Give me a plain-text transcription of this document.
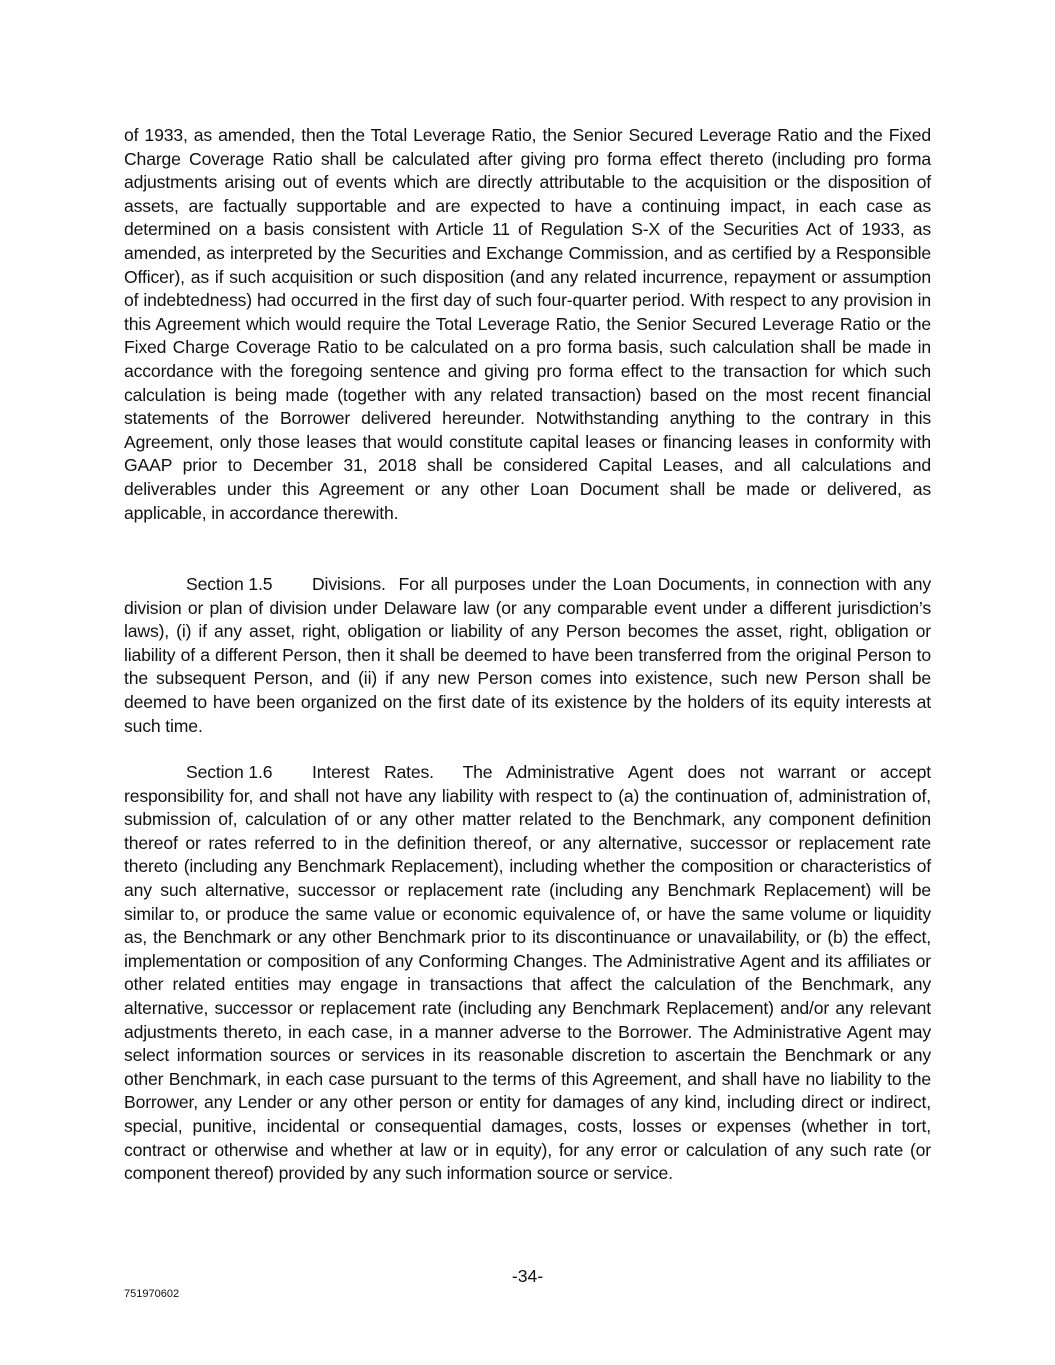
of 1933, as amended, then the Total Leverage Ratio, the Senior Secured Leverage Ratio and the Fixed Charge Coverage Ratio shall be calculated after giving pro forma effect thereto (including pro forma adjustments arising out of events which are directly attributable to the acquisition or the disposition of assets, are factually supportable and are expected to have a continuing impact, in each case as determined on a basis consistent with Article 11 of Regulation S-X of the Securities Act of 1933, as amended, as interpreted by the Securities and Exchange Commission, and as certified by a Responsible Officer), as if such acquisition or such disposition (and any related incurrence, repayment or assumption of indebtedness) had occurred in the first day of such four-quarter period. With respect to any provision in this Agreement which would require the Total Leverage Ratio, the Senior Secured Leverage Ratio or the Fixed Charge Coverage Ratio to be calculated on a pro forma basis, such calculation shall be made in accordance with the foregoing sentence and giving pro forma effect to the transaction for which such calculation is being made (together with any related transaction) based on the most recent financial statements of the Borrower delivered hereunder. Notwithstanding anything to the contrary in this Agreement, only those leases that would constitute capital leases or financing leases in conformity with GAAP prior to December 31, 2018 shall be considered Capital Leases, and all calculations and deliverables under this Agreement or any other Loan Document shall be made or delivered, as applicable, in accordance therewith.

Section 1.5 Divisions. For all purposes under the Loan Documents, in connection with any division or plan of division under Delaware law (or any comparable event under a different jurisdiction’s laws), (i) if any asset, right, obligation or liability of any Person becomes the asset, right, obligation or liability of a different Person, then it shall be deemed to have been transferred from the original Person to the subsequent Person, and (ii) if any new Person comes into existence, such new Person shall be deemed to have been organized on the first date of its existence by the holders of its equity interests at such time.

Section 1.6 Interest Rates. The Administrative Agent does not warrant or accept responsibility for, and shall not have any liability with respect to (a) the continuation of, administration of, submission of, calculation of or any other matter related to the Benchmark, any component definition thereof or rates referred to in the definition thereof, or any alternative, successor or replacement rate thereto (including any Benchmark Replacement), including whether the composition or characteristics of any such alternative, successor or replacement rate (including any Benchmark Replacement) will be similar to, or produce the same value or economic equivalence of, or have the same volume or liquidity as, the Benchmark or any other Benchmark prior to its discontinuance or unavailability, or (b) the effect, implementation or composition of any Conforming Changes. The Administrative Agent and its affiliates or other related entities may engage in transactions that affect the calculation of the Benchmark, any alternative, successor or replacement rate (including any Benchmark Replacement) and/or any relevant adjustments thereto, in each case, in a manner adverse to the Borrower. The Administrative Agent may select information sources or services in its reasonable discretion to ascertain the Benchmark or any other Benchmark, in each case pursuant to the terms of this Agreement, and shall have no liability to the Borrower, any Lender or any other person or entity for damages of any kind, including direct or indirect, special, punitive, incidental or consequential damages, costs, losses or expenses (whether in tort, contract or otherwise and whether at law or in equity), for any error or calculation of any such rate (or component thereof) provided by any such information source or service.

-34-

751970602
